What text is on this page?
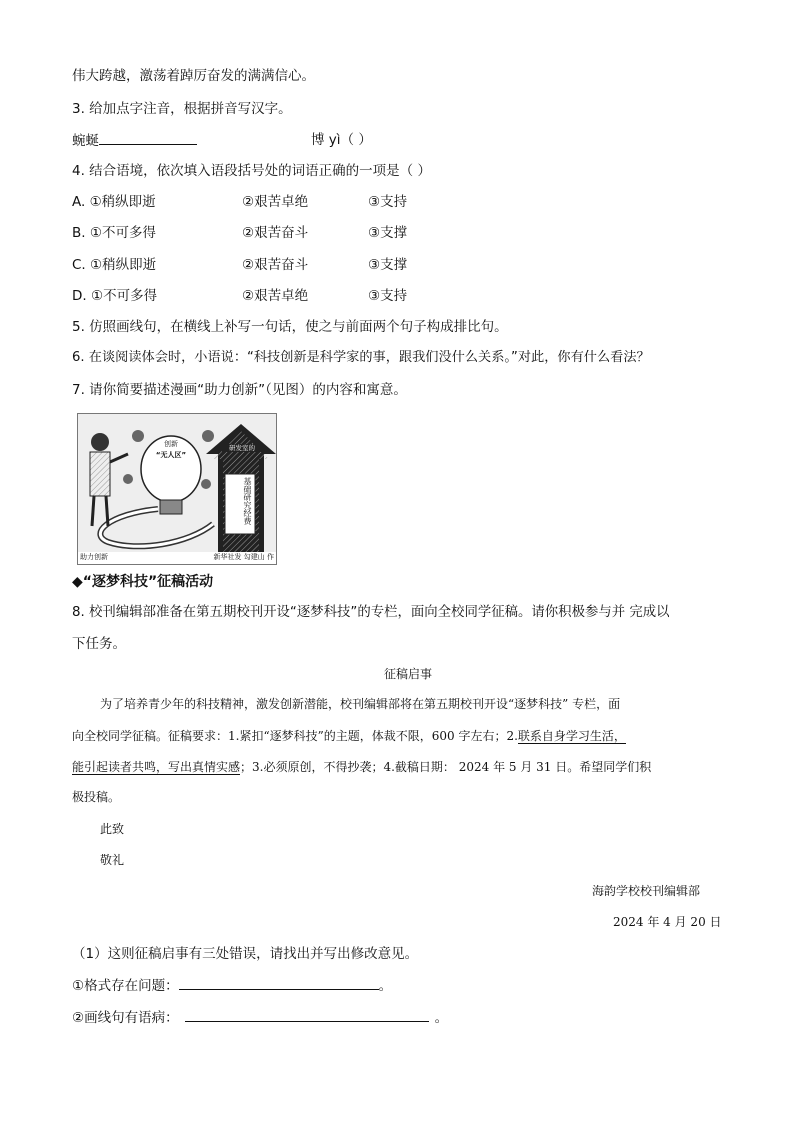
伟大跨越，激荡着踔厉奋发的满满信心。
3. 给加点字注音，根据拼音写汉字。
蜿蜒	博 yì（ ）
4. 结合语境，依次填入语段括号处的词语正确的一项是（ ）
A. ①稍纵即逝	②艰苦卓绝	③支持
B. ①不可多得	②艰苦奋斗	③支撑
C. ①稍纵即逝	②艰苦奋斗	③支撑
D. ①不可多得	②艰苦卓绝	③支持
5. 仿照画线句，在横线上补写一句话，使之与前面两个句子构成排比句。
6. 在谈阅读体会时，小语说：“科技创新是科学家的事，跟我们没什么关系。”对此，你有什么看法？
7. 请你简要描述漫画“助力创新”（见图）的内容和寓意。
创新
“无人区”
研发室的
基础研究经费
助力创新	新华社发 勾建山 作
◆“逐梦科技”征稿活动
8. 校刊编辑部准备在第五期校刊开设“逐梦科技”的专栏，面向全校同学征稿。请你积极参与并 完成以
下任务。
征稿启事
为了培养青少年的科技精神，激发创新潜能，校刊编辑部将在第五期校刊开设“逐梦科技” 专栏，面
向全校同学征稿。征稿要求：1.紧扣“逐梦科技”的主题，体裁不限，600 字左右；2.联系自身学习生活，
能引起读者共鸣，写出真情实感；3.必须原创，不得抄袭；4.截稿日期： 2024 年 5 月 31 日。希望同学们积
极投稿。
此致
敬礼
海韵学校校刊编辑部
2024 年 4 月 20 日
（1）这则征稿启事有三处错误，请找出并写出修改意见。
①格式存在问题：	。
②画线句有语病：	。
